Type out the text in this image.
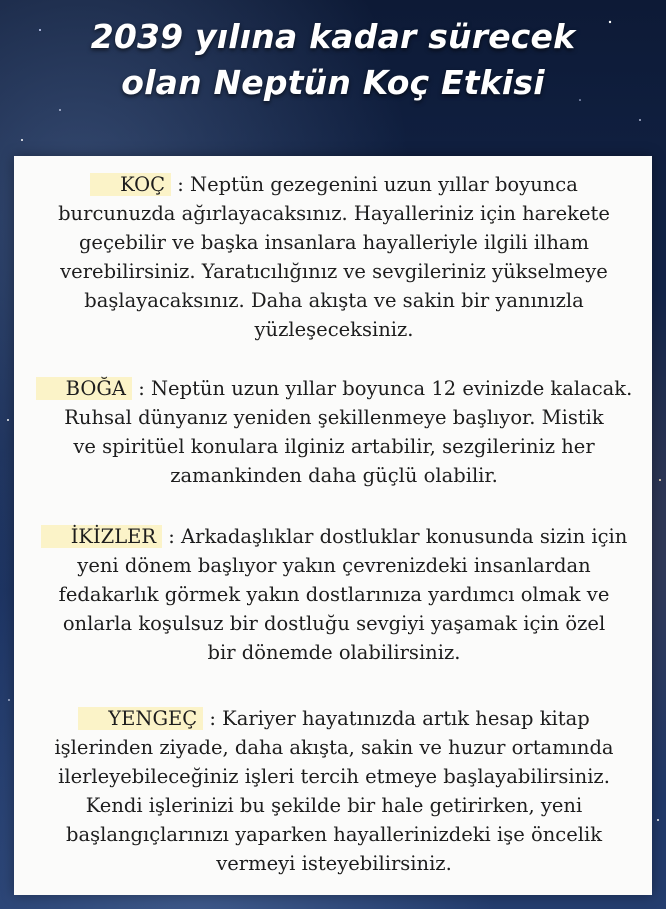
2039 yılına kadar sürecek
olan Neptün Koç Etkisi

KOÇ : Neptün gezegenini uzun yıllar boyunca

burcunuzda ağırlayacaksınız. Hayalleriniz için harekete

geçebilir ve başka insanlara hayalleriyle ilgili ilham

verebilirsiniz. Yaratıcılığınız ve sevgileriniz yükselmeye

başlayacaksınız. Daha akışta ve sakin bir yanınızla

yüzleşeceksiniz.

BOĞA : Neptün uzun yıllar boyunca 12 evinizde kalacak.

Ruhsal dünyanız yeniden şekillenmeye başlıyor. Mistik

ve spiritüel konulara ilginiz artabilir, sezgileriniz her

zamankinden daha güçlü olabilir.

İKİZLER : Arkadaşlıklar dostluklar konusunda sizin için

yeni dönem başlıyor yakın çevrenizdeki insanlardan

fedakarlık görmek yakın dostlarınıza yardımcı olmak ve

onlarla koşulsuz bir dostluğu sevgiyi yaşamak için özel

bir dönemde olabilirsiniz.

YENGEÇ : Kariyer hayatınızda artık hesap kitap

işlerinden ziyade, daha akışta, sakin ve huzur ortamında

ilerleyebileceğiniz işleri tercih etmeye başlayabilirsiniz.

Kendi işlerinizi bu şekilde bir hale getirirken, yeni

başlangıçlarınızı yaparken hayallerinizdeki işe öncelik

vermeyi isteyebilirsiniz.
